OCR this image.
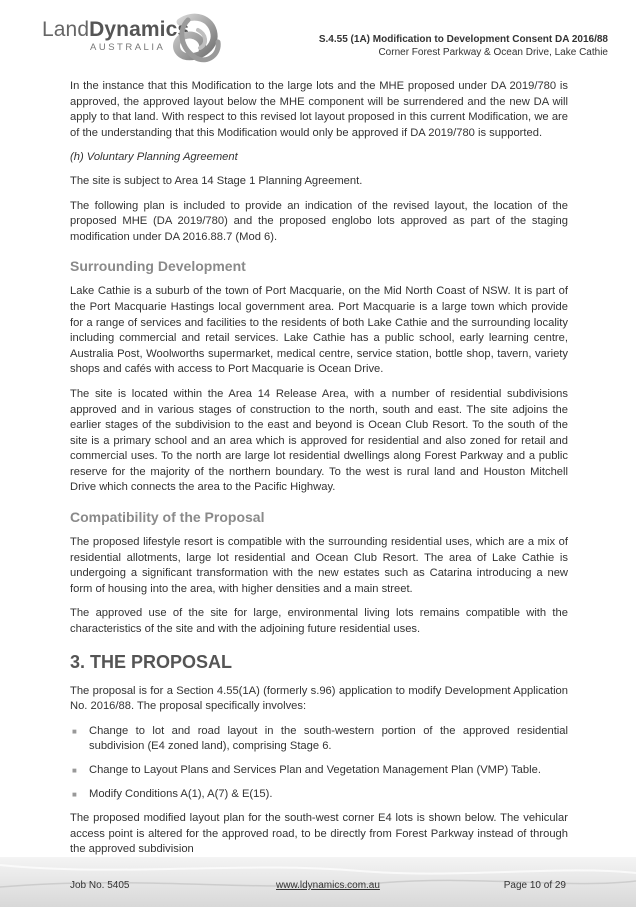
LandDynamics
AUSTRALIA
S.4.55 (1A) Modification to Development Consent DA 2016/88
Corner Forest Parkway & Ocean Drive, Lake Cathie

In the instance that this Modification to the large lots and the MHE proposed under DA 2019/780 is approved, the approved layout below the MHE component will be surrendered and the new DA will apply to that land. With respect to this revised lot layout proposed in this current Modification, we are of the understanding that this Modification would only be approved if DA 2019/780 is supported.

(h) Voluntary Planning Agreement

The site is subject to Area 14 Stage 1 Planning Agreement.

The following plan is included to provide an indication of the revised layout, the location of the proposed MHE (DA 2019/780) and the proposed englobo lots approved as part of the staging modification under DA 2016.88.7 (Mod 6).

Surrounding Development

Lake Cathie is a suburb of the town of Port Macquarie, on the Mid North Coast of NSW. It is part of the Port Macquarie Hastings local government area. Port Macquarie is a large town which provide for a range of services and facilities to the residents of both Lake Cathie and the surrounding locality including commercial and retail services. Lake Cathie has a public school, early learning centre, Australia Post, Woolworths supermarket, medical centre, service station, bottle shop, tavern, variety shops and cafés with access to Port Macquarie is Ocean Drive.

The site is located within the Area 14 Release Area, with a number of residential subdivisions approved and in various stages of construction to the north, south and east. The site adjoins the earlier stages of the subdivision to the east and beyond is Ocean Club Resort. To the south of the site is a primary school and an area which is approved for residential and also zoned for retail and commercial uses. To the north are large lot residential dwellings along Forest Parkway and a public reserve for the majority of the northern boundary. To the west is rural land and Houston Mitchell Drive which connects the area to the Pacific Highway.

Compatibility of the Proposal

The proposed lifestyle resort is compatible with the surrounding residential uses, which are a mix of residential allotments, large lot residential and Ocean Club Resort. The area of Lake Cathie is undergoing a significant transformation with the new estates such as Catarina introducing a new form of housing into the area, with higher densities and a main street.

The approved use of the site for large, environmental living lots remains compatible with the characteristics of the site and with the adjoining future residential uses.

3. THE PROPOSAL

The proposal is for a Section 4.55(1A) (formerly s.96) application to modify Development Application No. 2016/88. The proposal specifically involves:

■ Change to lot and road layout in the south-western portion of the approved residential subdivision (E4 zoned land), comprising Stage 6.
■ Change to Layout Plans and Services Plan and Vegetation Management Plan (VMP) Table.
■ Modify Conditions A(1), A(7) & E(15).

The proposed modified layout plan for the south-west corner E4 lots is shown below. The vehicular access point is altered for the approved road, to be directly from Forest Parkway instead of through the approved subdivision

Job No. 5405	www.ldynamics.com.au	Page 10 of 29
